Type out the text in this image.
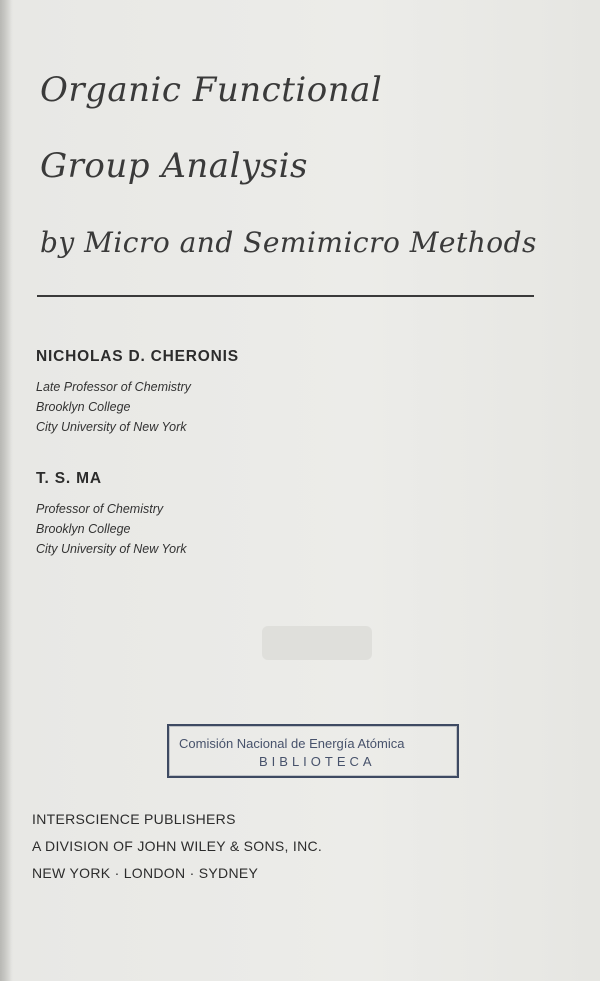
Organic Functional
Group Analysis
by Micro and Semimicro Methods
NICHOLAS D. CHERONIS
Late Professor of Chemistry
Brooklyn College
City University of New York
T. S. MA
Professor of Chemistry
Brooklyn College
City University of New York
Comisión Nacional de Energía Atómica
BIBLIOTECA
INTERSCIENCE PUBLISHERS
A DIVISION OF JOHN WILEY & SONS, INC.
NEW YORK · LONDON · SYDNEY
